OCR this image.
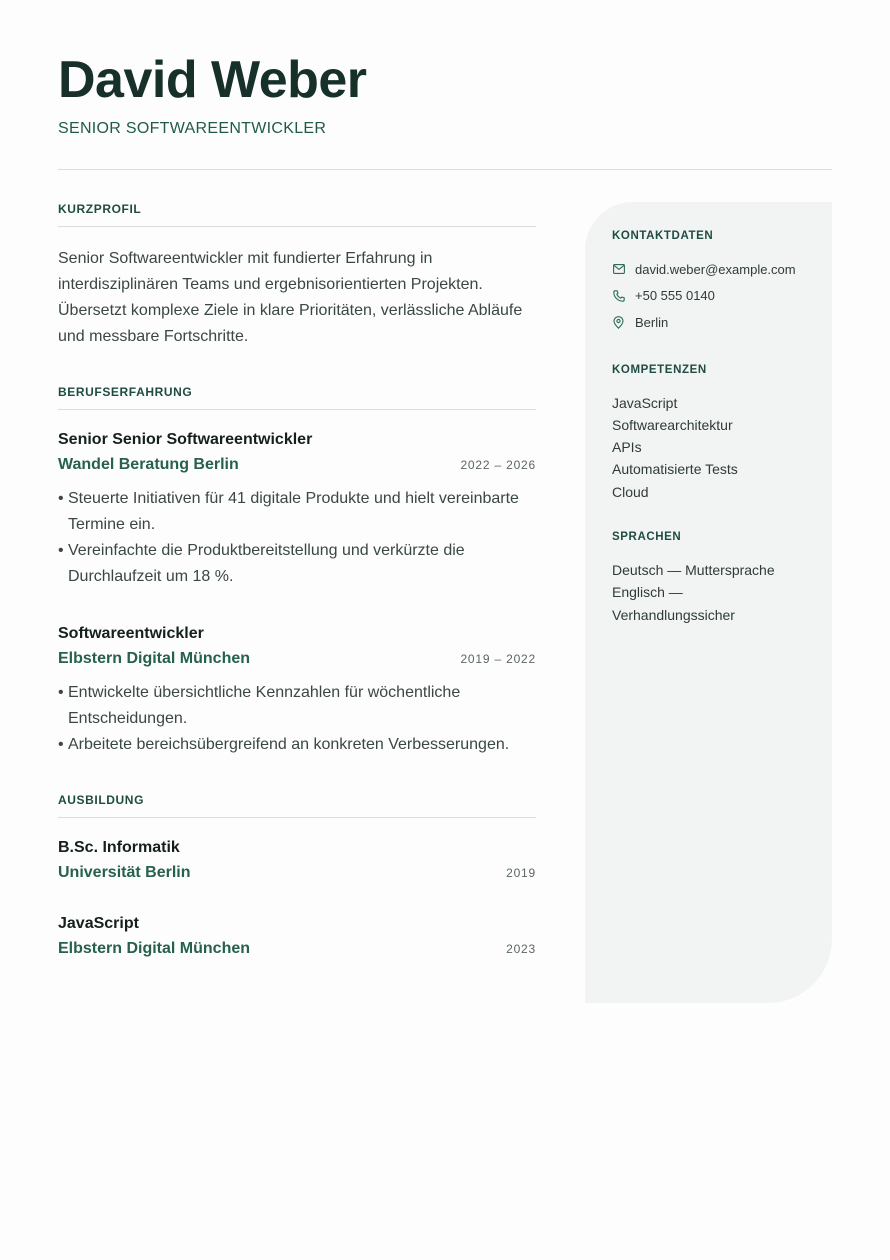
David Weber
SENIOR SOFTWAREENTWICKLER
KURZPROFIL

Senior Softwareentwickler mit fundierter Erfahrung in interdisziplinären Teams und ergebnisorientierten Projekten. Übersetzt komplexe Ziele in klare Prioritäten, verlässliche Abläufe und messbare Fortschritte.

BERUFSERFAHRUNG
Senior Senior Softwareentwickler
Wandel Beratung Berlin	2022 – 2026
• Steuerte Initiativen für 41 digitale Produkte und hielt vereinbarte Termine ein.
• Vereinfachte die Produktbereitstellung und verkürzte die Durchlaufzeit um 18 %.
Softwareentwickler
Elbstern Digital München	2019 – 2022
• Entwickelte übersichtliche Kennzahlen für wöchentliche Entscheidungen.
• Arbeitete bereichsübergreifend an konkreten Verbesserungen.
AUSBILDUNG
B.Sc. Informatik
Universität Berlin	2019
JavaScript
Elbstern Digital München	2023
KONTAKTDATEN
david.weber@example.com
+50 555 0140
Berlin
KOMPETENZEN
JavaScript
Softwarearchitektur
APIs
Automatisierte Tests
Cloud
SPRACHEN
Deutsch — Muttersprache
Englisch —
Verhandlungssicher
